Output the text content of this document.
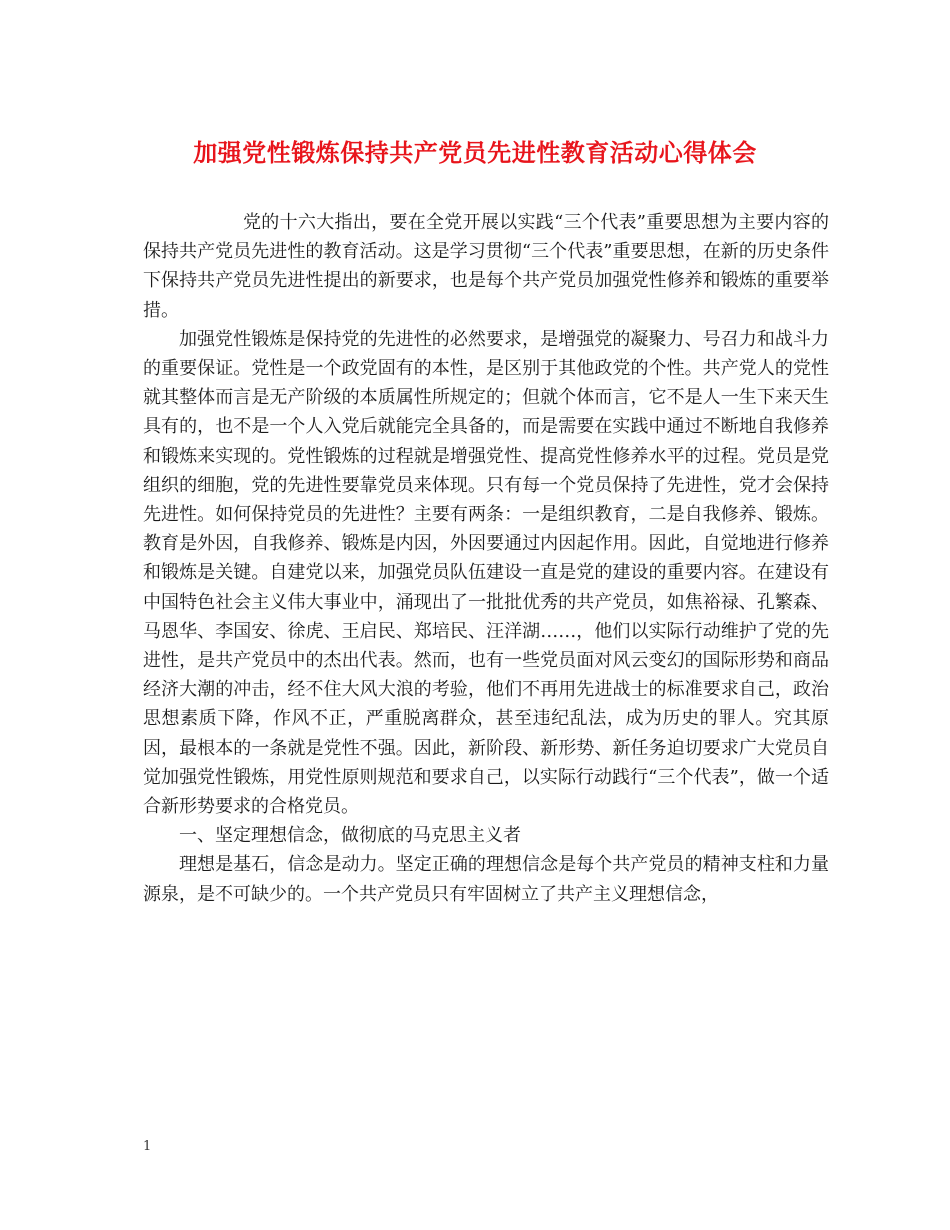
加强党性锻炼保持共产党员先进性教育活动心得体会

党的十六大指出，要在全党开展以实践“三个代表”重要思想为主要内容的保持共产党员先进性的教育活动。这是学习贯彻“三个代表”重要思想，在新的历史条件下保持共产党员先进性提出的新要求，也是每个共产党员加强党性修养和锻炼的重要举措。

加强党性锻炼是保持党的先进性的必然要求，是增强党的凝聚力、号召力和战斗力的重要保证。党性是一个政党固有的本性，是区别于其他政党的个性。共产党人的党性就其整体而言是无产阶级的本质属性所规定的；但就个体而言，它不是人一生下来天生具有的，也不是一个人入党后就能完全具备的，而是需要在实践中通过不断地自我修养和锻炼来实现的。党性锻炼的过程就是增强党性、提高党性修养水平的过程。党员是党组织的细胞，党的先进性要靠党员来体现。只有每一个党员保持了先进性，党才会保持先进性。如何保持党员的先进性？主要有两条：一是组织教育，二是自我修养、锻炼。教育是外因，自我修养、锻炼是内因，外因要通过内因起作用。因此，自觉地进行修养和锻炼是关键。自建党以来，加强党员队伍建设一直是党的建设的重要内容。在建设有中国特色社会主义伟大事业中，涌现出了一批批优秀的共产党员，如焦裕禄、孔繁森、马恩华、李国安、徐虎、王启民、郑培民、汪洋湖……，他们以实际行动维护了党的先进性，是共产党员中的杰出代表。然而，也有一些党员面对风云变幻的国际形势和商品经济大潮的冲击，经不住大风大浪的考验，他们不再用先进战士的标准要求自己，政治思想素质下降，作风不正，严重脱离群众，甚至违纪乱法，成为历史的罪人。究其原因，最根本的一条就是党性不强。因此，新阶段、新形势、新任务迫切要求广大党员自觉加强党性锻炼，用党性原则规范和要求自己，以实际行动践行“三个代表”，做一个适合新形势要求的合格党员。

一、坚定理想信念，做彻底的马克思主义者

理想是基石，信念是动力。坚定正确的理想信念是每个共产党员的精神支柱和力量源泉，是不可缺少的。一个共产党员只有牢固树立了共产主义理想信念，

1
